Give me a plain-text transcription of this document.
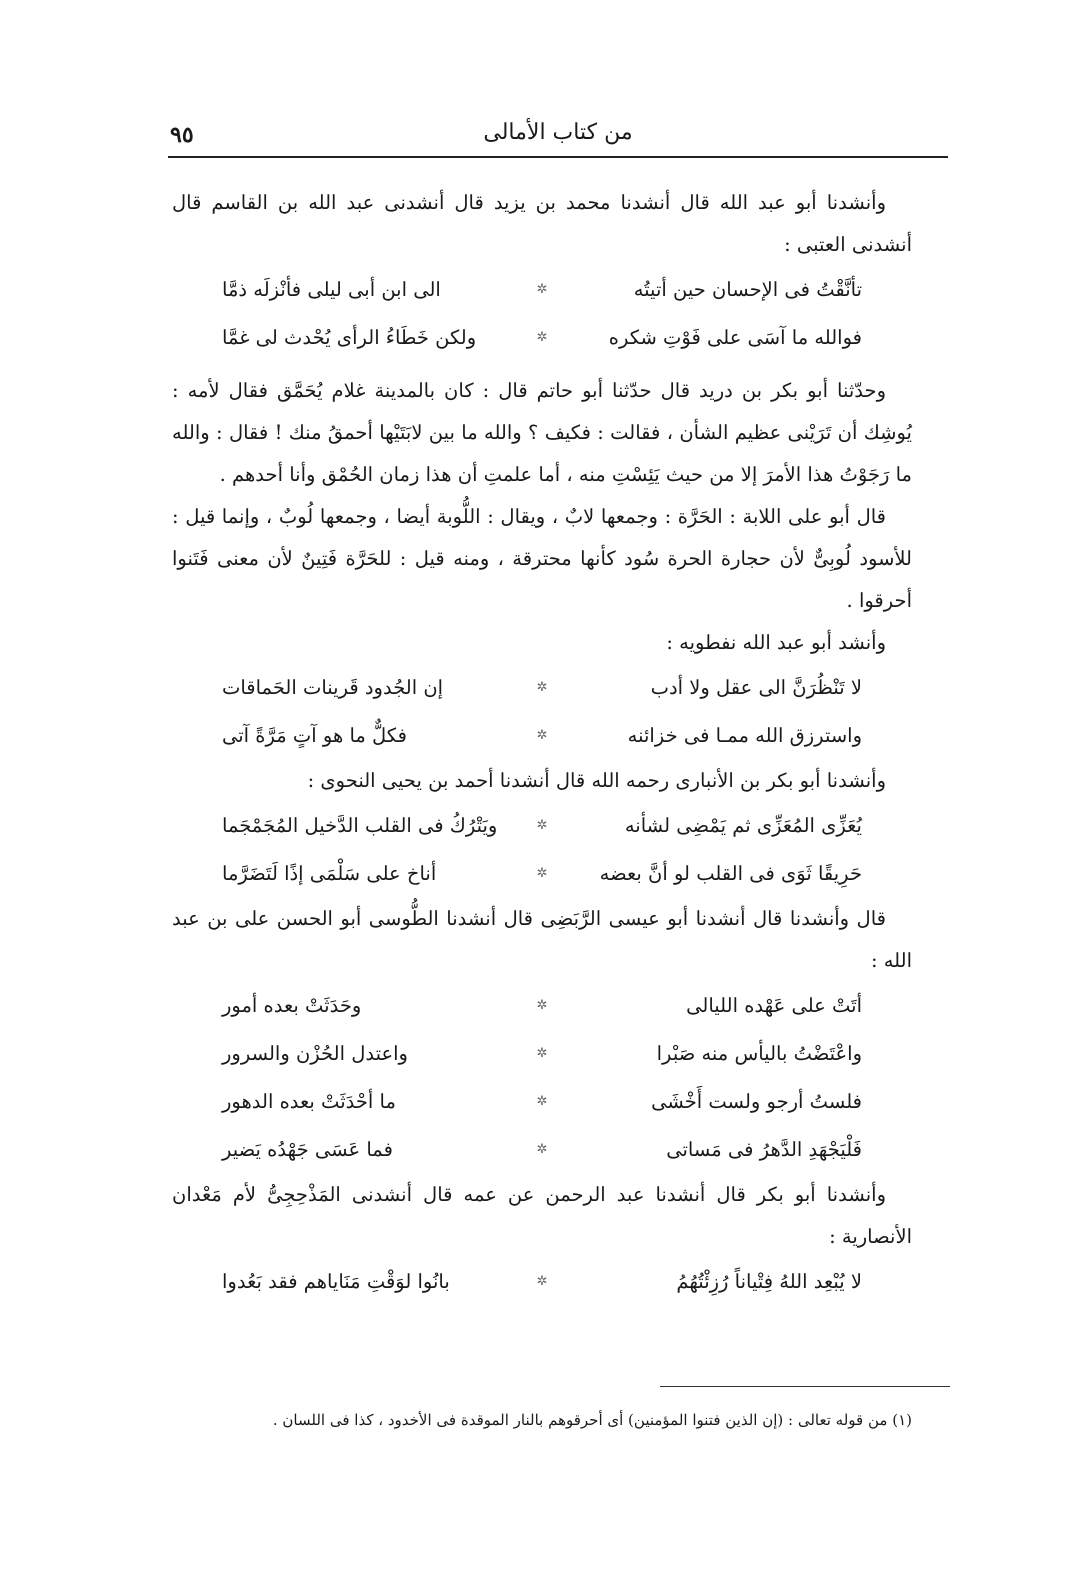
من كتاب الأمالى
٩٥

وأنشدنا أبو عبد الله قال أنشدنا محمد بن يزيد قال أنشدنى عبد الله بن القاسم قال أنشدنى العتبى :

تأنَّقْتُ فى الإحسان حين أتيتُه
✲
الى ابن أبى ليلى فأنْزلَه ذمَّا
فوالله ما آسَى على فَوْتِ شكره
✲
ولكن خَطَاءُ الرأى يُحْدث لى غمَّا

وحدّثنا أبو بكر بن دريد قال حدّثنا أبو حاتم قال : كان بالمدينة غلام يُحَمَّق فقال لأمه : يُوشِك أن تَرَيْنى عظيم الشأن ، فقالت : فكيف ؟ والله ما بين لابَتَيْها أحمقُ منك ! فقال : والله ما رَجَوْتُ هذا الأمرَ إلا من حيث يَئِسْتِ منه ، أما علمتِ أن هذا زمان الحُمْق وأنا أحدهم .

قال أبو على اللابة : الحَرَّة : وجمعها لابٌ ، ويقال : اللُّوبة أيضا ، وجمعها لُوبٌ ، وإنما قيل : للأسود لُوبِىٌّ لأن حجارة الحرة سُود كأنها محترقة ، ومنه قيل : للحَرَّة فَتِينٌ لأن معنى فَتَنوا أحرقوا .

وأنشد أبو عبد الله نفطويه :

لا تَنْظُرَنَّ الى عقل ولا أدب
✲
إن الجُدود قَرينات الحَماقات
واسترزق الله ممـا فى خزائنه
✲
فكلٌّ ما هو آتٍ مَرَّةً آتى

وأنشدنا أبو بكر بن الأنبارى رحمه الله قال أنشدنا أحمد بن يحيى النحوى :

يُعَزِّى المُعَزِّى ثم يَمْضِى لشأنه
✲
ويَتْرُكُ فى القلب الدَّخيل المُجَمْجَما
حَرِيقًا ثَوَى فى القلب لو أنَّ بعضه
✲
أناخ على سَلْمَى إذًا لَتَضَرَّما

قال وأنشدنا قال أنشدنا أبو عيسى الرَّبَضِى قال أنشدنا الطُّوسى أبو الحسن على بن عبد الله :

أتَتْ على عَهْده الليالى
✲
وحَدَثَتْ بعده أمور
واعْتَضْتُ باليأس منه صَبْرا
✲
واعتدل الحُزْن والسرور
فلستُ أرجو ولست أَخْشَى
✲
ما أحْدَثَتْ بعده الدهور
فَلْيَجْهَدِ الدَّهرُ فى مَساتى
✲
فما عَسَى جَهْدُه يَضير

وأنشدنا أبو بكر قال أنشدنا عبد الرحمن عن عمه قال أنشدنى المَذْحِجِىُّ لأم مَعْدان الأنصارية :

لا يُبْعِد اللهُ فِتْياناً رُزِئْتُهُمُ
✲
بانُوا لوَقْتِ مَنَاياهم فقد بَعُدوا
(١) من قوله تعالى : (إن الذين فتنوا المؤمنين) أى أحرقوهم بالنار الموقدة فى الأخدود ، كذا فى اللسان .
